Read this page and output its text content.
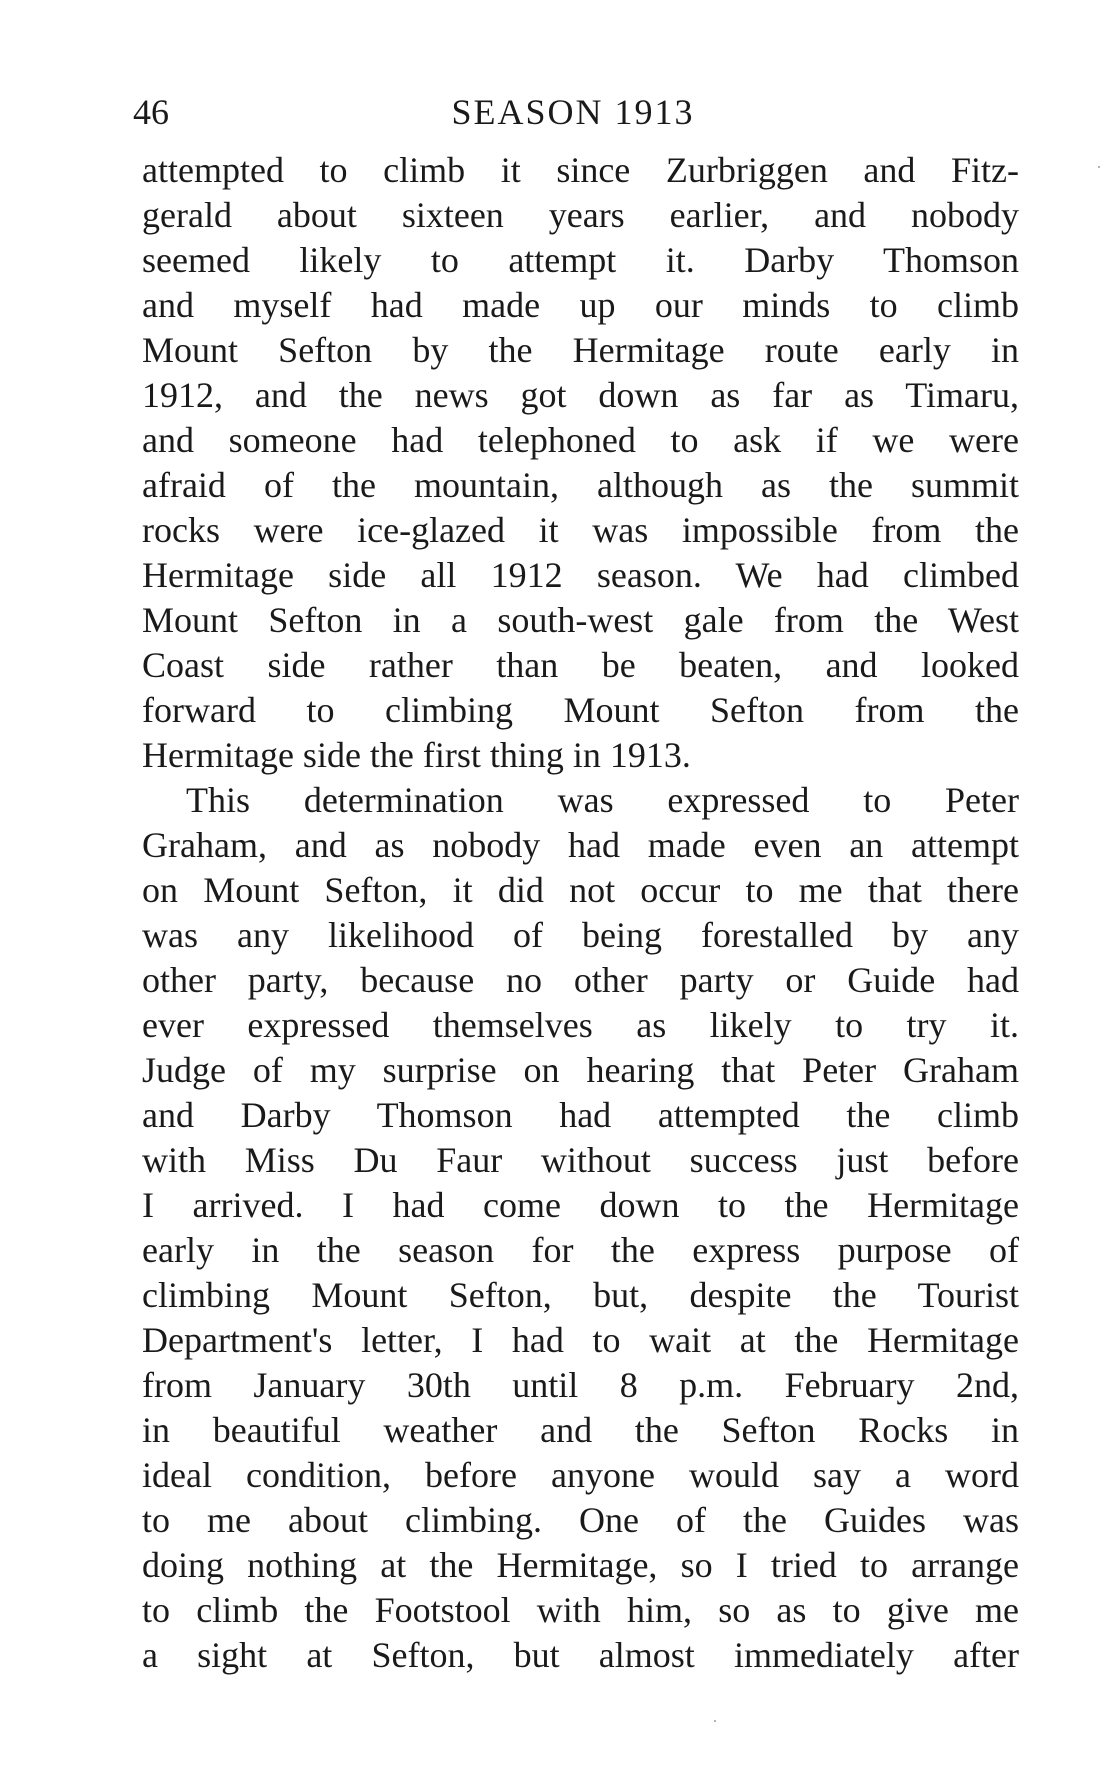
46	SEASON 1913
attempted to climb it since Zurbriggen and Fitz-
gerald about sixteen years earlier, and nobody
seemed likely to attempt it. Darby Thomson
and myself had made up our minds to climb
Mount Sefton by the Hermitage route early in
1912, and the news got down as far as Timaru,
and someone had telephoned to ask if we were
afraid of the mountain, although as the summit
rocks were ice-glazed it was impossible from the
Hermitage side all 1912 season. We had climbed
Mount Sefton in a south-west gale from the West
Coast side rather than be beaten, and looked
forward to climbing Mount Sefton from the
Hermitage side the first thing in 1913.
This determination was expressed to Peter
Graham, and as nobody had made even an attempt
on Mount Sefton, it did not occur to me that there
was any likelihood of being forestalled by any
other party, because no other party or Guide had
ever expressed themselves as likely to try it.
Judge of my surprise on hearing that Peter Graham
and Darby Thomson had attempted the climb
with Miss Du Faur without success just before
I arrived. I had come down to the Hermitage
early in the season for the express purpose of
climbing Mount Sefton, but, despite the Tourist
Department's letter, I had to wait at the Hermitage
from January 30th until 8 p.m. February 2nd,
in beautiful weather and the Sefton Rocks in
ideal condition, before anyone would say a word
to me about climbing. One of the Guides was
doing nothing at the Hermitage, so I tried to arrange
to climb the Footstool with him, so as to give me
a sight at Sefton, but almost immediately after
